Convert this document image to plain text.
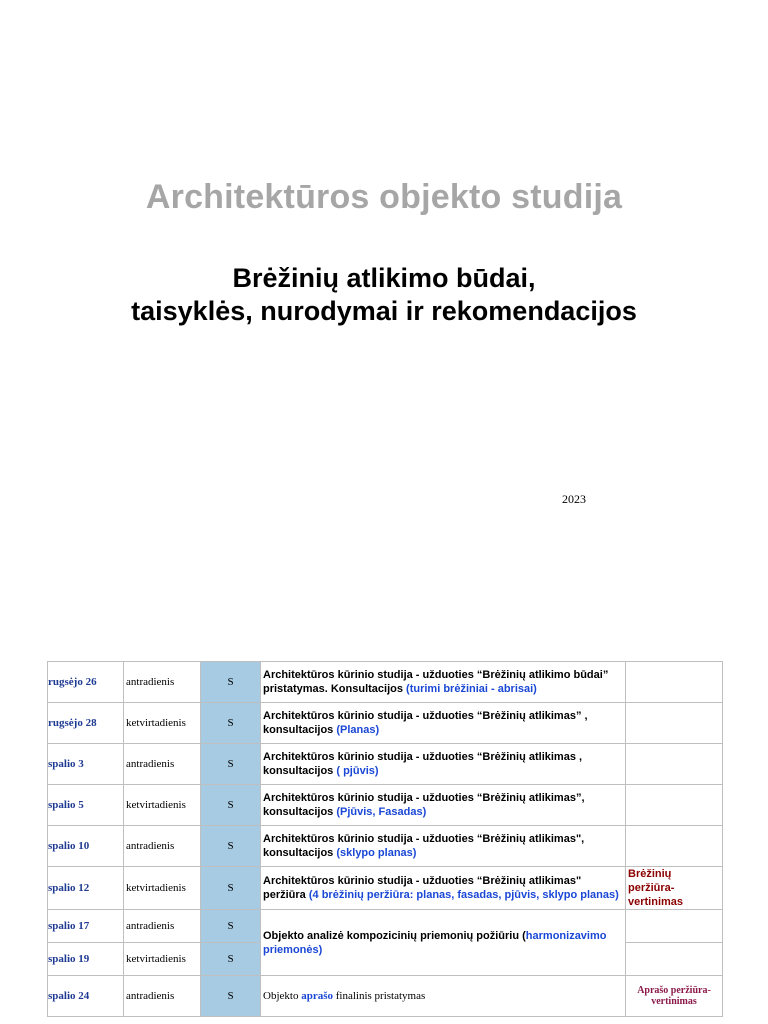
Architektūros objekto studija
Brėžinių atlikimo būdai,
taisyklės, nurodymai ir rekomendacijos
2023
rugsėjo 26	antradienis	S	Architektūros kūrinio studija - užduoties “Brėžinių atlikimo būdai” pristatymas. Konsultacijos (turimi brėžiniai - abrisai)	
rugsėjo 28	ketvirtadienis	S	Architektūros kūrinio studija - užduoties “Brėžinių atlikimas” , konsultacijos (Planas)	
spalio 3	antradienis	S	Architektūros kūrinio studija - užduoties “Brėžinių atlikimas , konsultacijos ( pjūvis)	
spalio 5	ketvirtadienis	S	Architektūros kūrinio studija - užduoties “Brėžinių atlikimas”, konsultacijos (Pjūvis, Fasadas)	
spalio 10	antradienis	S	Architektūros kūrinio studija - užduoties “Brėžinių atlikimas", konsultacijos (sklypo planas)	
spalio 12	ketvirtadienis	S	Architektūros kūrinio studija - užduoties “Brėžinių atlikimas" peržiūra (4 brėžinių peržiūra: planas, fasadas, pjūvis, sklypo planas)	Brėžinių peržiūra-vertinimas
spalio 17	antradienis	S	Objekto analizė kompozicinių priemonių požiūriu (harmonizavimo priemonės)	
spalio 19	ketvirtadienis	S		
spalio 24	antradienis	S	Objekto aprašo finalinis pristatymas	Aprašo peržiūra-vertinimas
